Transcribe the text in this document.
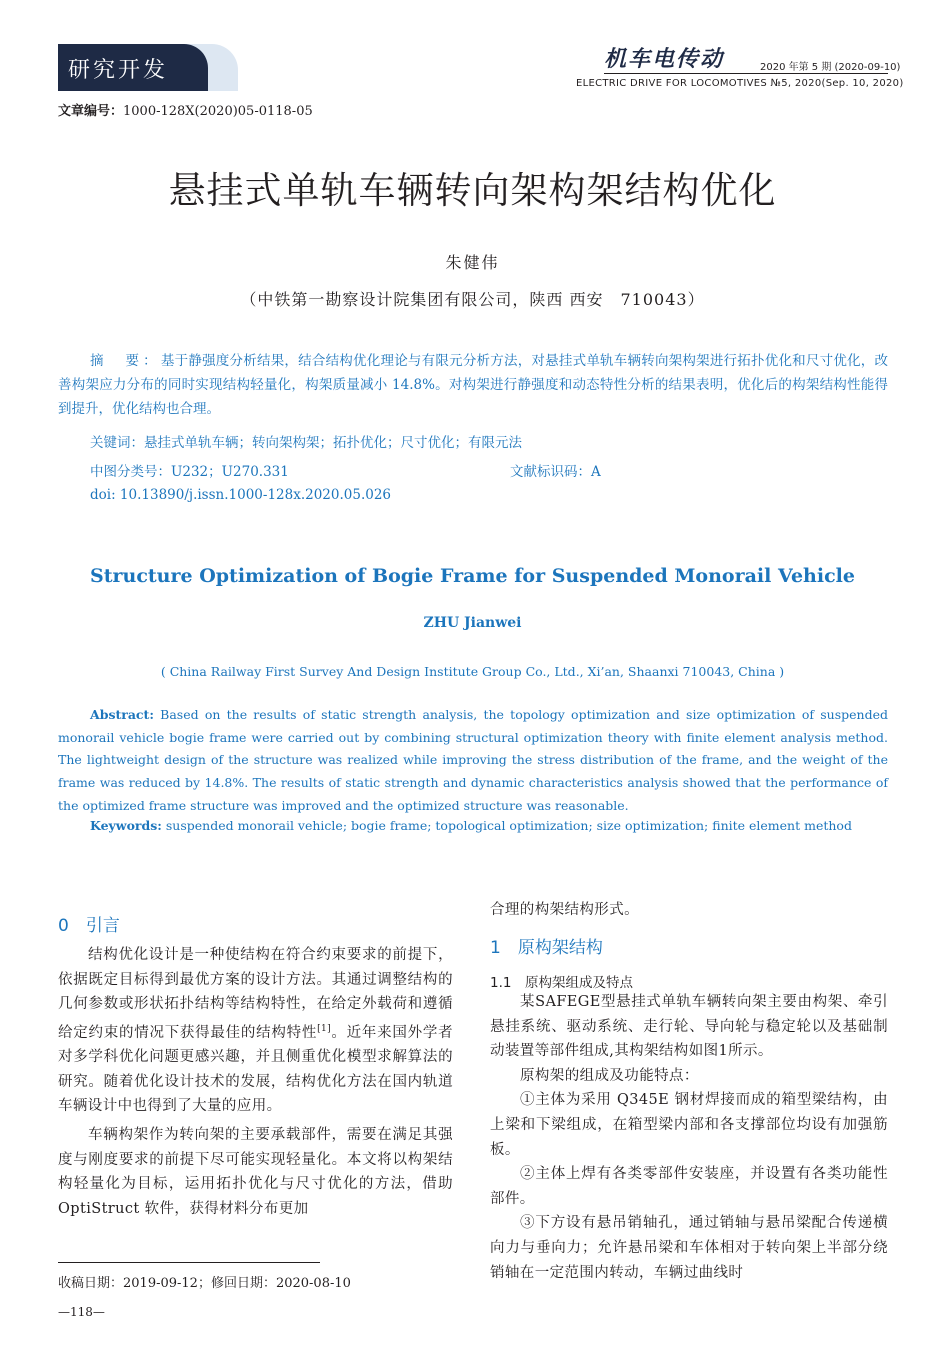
研究开发	机车电传动	2020 年第 5 期 (2020-09-10)
ELECTRIC DRIVE FOR LOCOMOTIVES №5, 2020(Sep. 10, 2020)
文章编号：1000-128X(2020)05-0118-05
悬挂式单轨车辆转向架构架结构优化
朱健伟
（中铁第一勘察设计院集团有限公司，陕西 西安　710043）
摘　要：基于静强度分析结果，结合结构优化理论与有限元分析方法，对悬挂式单轨车辆转向架构架进行拓扑优化和尺寸优化，改善构架应力分布的同时实现结构轻量化，构架质量减小 14.8%。对构架进行静强度和动态特性分析的结果表明，优化后的构架结构性能得到提升，优化结构也合理。
关键词：悬挂式单轨车辆；转向架构架；拓扑优化；尺寸优化；有限元法
中图分类号：U232；U270.331	文献标识码：A
doi: 10.13890/j.issn.1000-128x.2020.05.026
Structure Optimization of Bogie Frame for Suspended Monorail Vehicle
ZHU Jianwei
( China Railway First Survey And Design Institute Group Co., Ltd., Xi’an, Shaanxi 710043, China )
Abstract: Based on the results of static strength analysis, the topology optimization and size optimization of suspended monorail vehicle bogie frame were carried out by combining structural optimization theory with finite element analysis method. The lightweight design of the structure was realized while improving the stress distribution of the frame, and the weight of the frame was reduced by 14.8%. The results of static strength and dynamic characteristics analysis showed that the performance of the optimized frame structure was improved and the optimized structure was reasonable.
Keywords: suspended monorail vehicle; bogie frame; topological optimization; size optimization; finite element method
0　引言

结构优化设计是一种使结构在符合约束要求的前提下，依据既定目标得到最优方案的设计方法。其通过调整结构的几何参数或形状拓扑结构等结构特性，在给定外载荷和遵循给定约束的情况下获得最佳的结构特性[1]。近年来国外学者对多学科优化问题更感兴趣，并且侧重优化模型求解算法的研究。随着优化设计技术的发展，结构优化方法在国内轨道车辆设计中也得到了大量的应用。

车辆构架作为转向架的主要承载部件，需要在满足其强度与刚度要求的前提下尽可能实现轻量化。本文将以构架结构轻量化为目标，运用拓扑优化与尺寸优化的方法，借助 OptiStruct 软件，获得材料分布更加

合理的构架结构形式。
1　原构架结构
1.1　原构架组成及特点

某SAFEGE型悬挂式单轨车辆转向架主要由构架、牵引悬挂系统、驱动系统、走行轮、导向轮与稳定轮以及基础制动装置等部件组成,其构架结构如图1所示。

原构架的组成及功能特点：

①主体为采用 Q345E 钢材焊接而成的箱型梁结构，由上梁和下梁组成，在箱型梁内部和各支撑部位均设有加强筋板。

②主体上焊有各类零部件安装座，并设置有各类功能性部件。

③下方设有悬吊销轴孔，通过销轴与悬吊梁配合传递横向力与垂向力；允许悬吊梁和车体相对于转向架上半部分绕销轴在一定范围内转动，车辆过曲线时

收稿日期：2019-09-12；修回日期：2020-08-10
—118—
